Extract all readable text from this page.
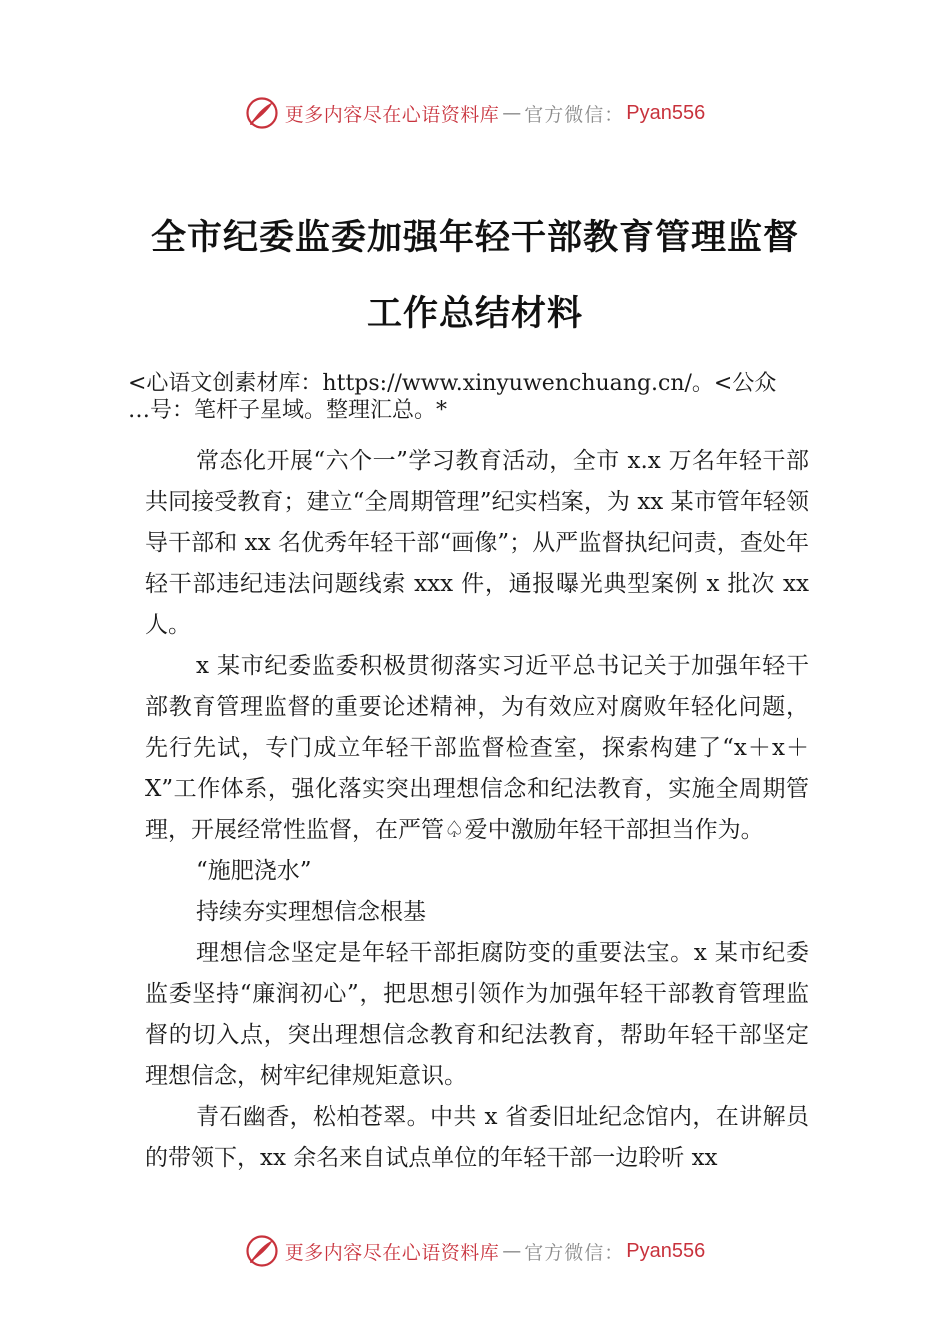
更多内容尽在心语资料库 — 官方微信： Pyan556
全市纪委监委加强年轻干部教育管理监督
工作总结材料
<心语文创素材库：https://www.xinyuwenchuang.cn/。<公众
…号：笔杆子星域。整理汇总。*

常态化开展“六个一”学习教育活动，全市 x.x 万名年轻干部共同接受教育；建立“全周期管理”纪实档案，为 xx 某市管年轻领导干部和 xx 名优秀年轻干部“画像”；从严监督执纪问责，查处年轻干部违纪违法问题线索 xxx 件，通报曝光典型案例 x 批次 xx 人。

x 某市纪委监委积极贯彻落实习近平总书记关于加强年轻干部教育管理监督的重要论述精神，为有效应对腐败年轻化问题，先行先试，专门成立年轻干部监督检查室，探索构建了“x＋x＋X”工作体系，强化落实突出理想信念和纪法教育，实施全周期管理，开展经常性监督，在严管♤爱中激励年轻干部担当作为。

“施肥浇水”

持续夯实理想信念根基

理想信念坚定是年轻干部拒腐防变的重要法宝。x 某市纪委监委坚持“廉润初心”，把思想引领作为加强年轻干部教育管理监督的切入点，突出理想信念教育和纪法教育，帮助年轻干部坚定理想信念，树牢纪律规矩意识。

青石幽香，松柏苍翠。中共 x 省委旧址纪念馆内，在讲解员的带领下，xx 余名来自试点单位的年轻干部一边聆听 xx

更多内容尽在心语资料库 — 官方微信： Pyan556
